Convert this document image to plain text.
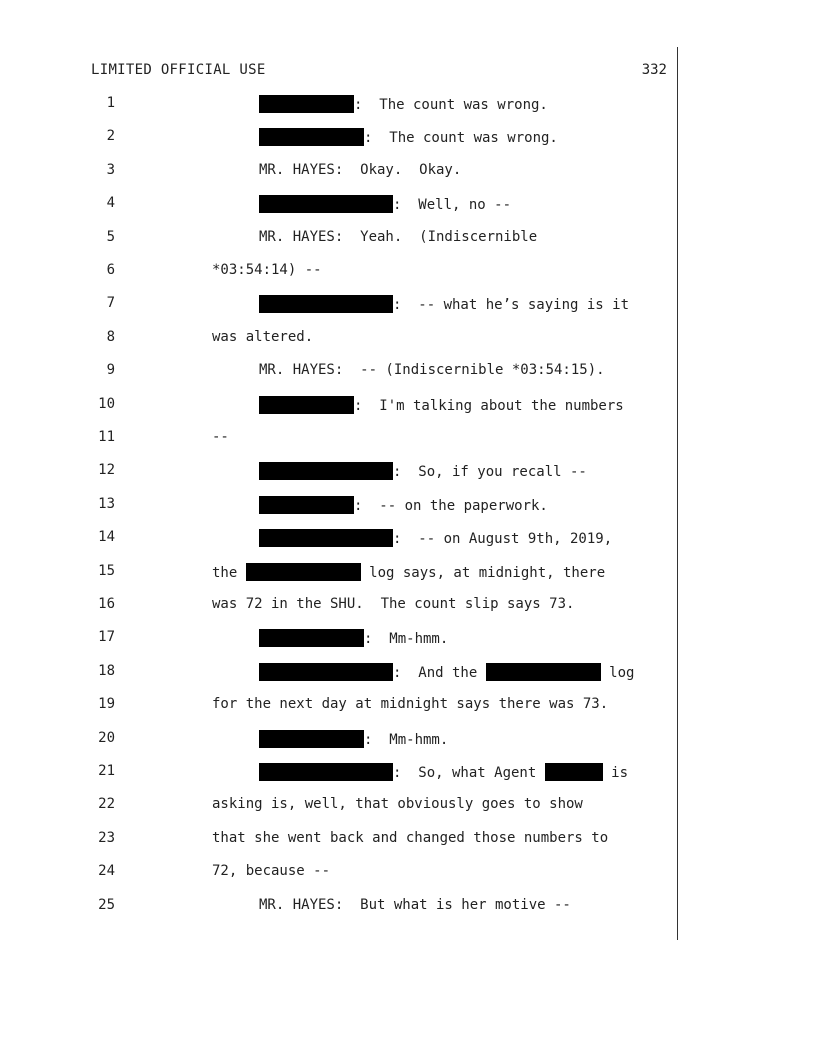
LIMITED OFFICIAL USE	332
1	:  The count was wrong.
2	:  The count was wrong.
3	MR. HAYES:  Okay.  Okay.
4	:  Well, no --
5	MR. HAYES:  Yeah.  (Indiscernible
6	*03:54:14) --
7	:  -- what he’s saying is it
8	was altered.
9	MR. HAYES:  -- (Indiscernible *03:54:15).
10	:  I'm talking about the numbers
11	--
12	:  So, if you recall --
13	:  -- on the paperwork.
14	:  -- on August 9th, 2019,
15	the	log says, at midnight, there
16	was 72 in the SHU.  The count slip says 73.
17	:  Mm-hmm.
18	:  And the	log
19	for the next day at midnight says there was 73.
20	:  Mm-hmm.
21	:  So, what Agent	is
22	asking is, well, that obviously goes to show
23	that she went back and changed those numbers to
24	72, because --
25	MR. HAYES:  But what is her motive --
